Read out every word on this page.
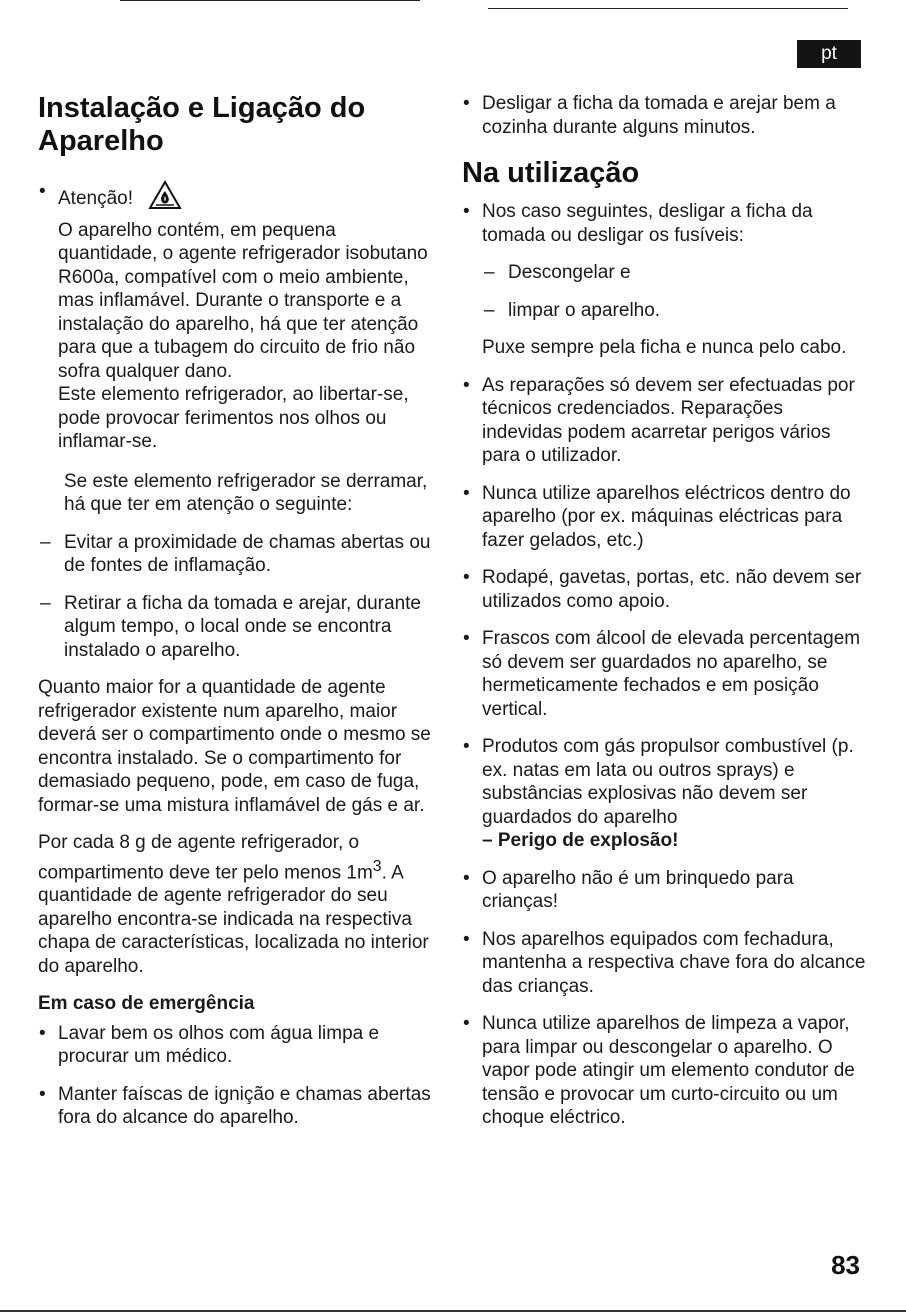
pt
Instalação e Ligação do Aparelho
• Atenção!

O aparelho contém, em pequena quantidade, o agente refrigerador isobutano R600a, compatível com o meio ambiente, mas inflamável. Durante o transporte e a instalação do aparelho, há que ter atenção para que a tubagem do circuito de frio não sofra qualquer dano.

Este elemento refrigerador, ao libertar-se, pode provocar ferimentos nos olhos ou inflamar-se.

Se este elemento refrigerador se derramar, há que ter em atenção o seguinte:

– Evitar a proximidade de chamas abertas ou de fontes de inflamação.
– Retirar a ficha da tomada e arejar, durante algum tempo, o local onde se encontra instalado o aparelho.

Quanto maior for a quantidade de agente refrigerador existente num aparelho, maior deverá ser o compartimento onde o mesmo se encontra instalado. Se o compartimento for demasiado pequeno, pode, em caso de fuga, formar-se uma mistura inflamável de gás e ar.

Por cada 8 g de agente refrigerador, o compartimento deve ter pelo menos $1m^3$. A quantidade de agente refrigerador do seu aparelho encontra-se indicada na respectiva chapa de características, localizada no interior do aparelho.

Em caso de emergência
• Lavar bem os olhos com água limpa e procurar um médico.
• Manter faíscas de ignição e chamas abertas fora do alcance do aparelho.
• Desligar a ficha da tomada e arejar bem a cozinha durante alguns minutos.
Na utilização
• Nos caso seguintes, desligar a ficha da tomada ou desligar os fusíveis:
– Descongelar e
– limpar o aparelho.

Puxe sempre pela ficha e nunca pelo cabo.

• As reparações só devem ser efectuadas por técnicos credenciados. Reparações indevidas podem acarretar perigos vários para o utilizador.
• Nunca utilize aparelhos eléctricos dentro do aparelho (por ex. máquinas eléctricas para fazer gelados, etc.)
• Rodapé, gavetas, portas, etc. não devem ser utilizados como apoio.
• Frascos com álcool de elevada percentagem só devem ser guardados no aparelho, se hermeticamente fechados e em posição vertical.
• Produtos com gás propulsor combustível (p. ex. natas em lata ou outros sprays) e substâncias explosivas não devem ser guardados do aparelho
– Perigo de explosão!
• O aparelho não é um brinquedo para crianças!
• Nos aparelhos equipados com fechadura, mantenha a respectiva chave fora do alcance das crianças.
• Nunca utilize aparelhos de limpeza a vapor, para limpar ou descongelar o aparelho. O vapor pode atingir um elemento condutor de tensão e provocar um curto-circuito ou um choque eléctrico.
83
